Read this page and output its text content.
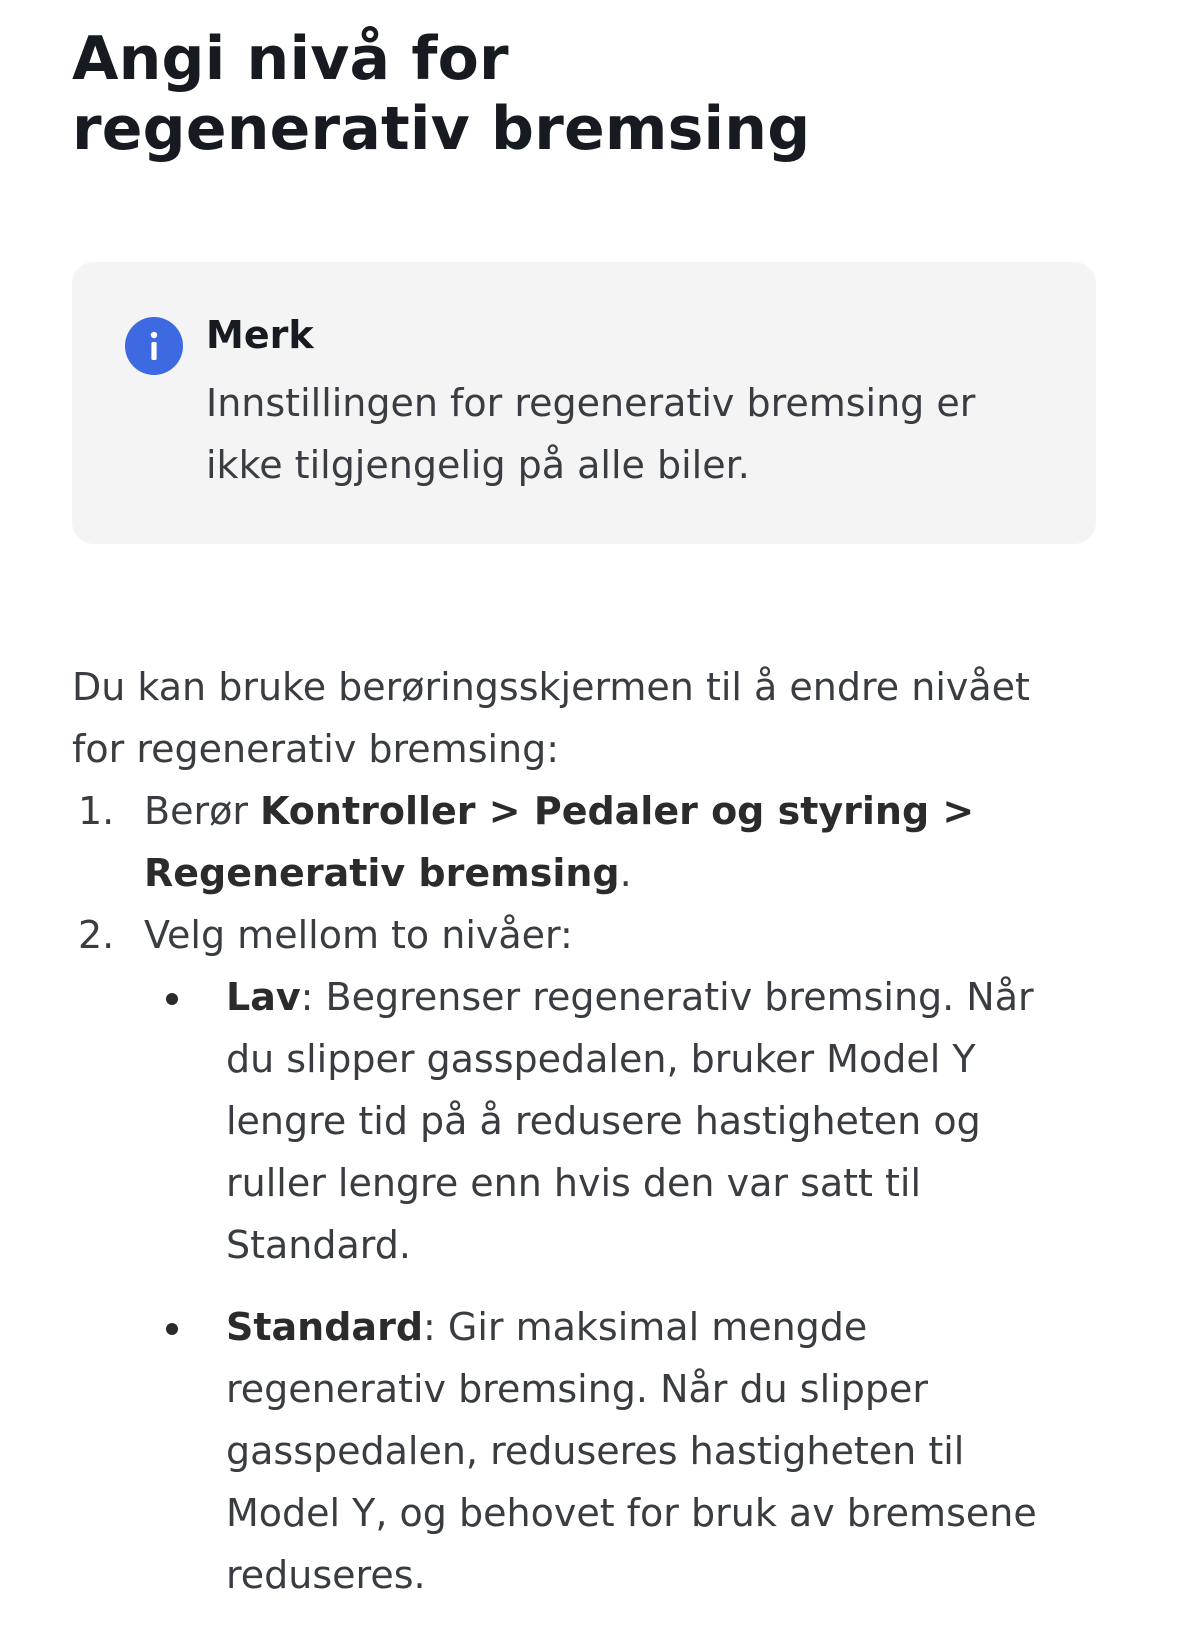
Angi nivå for regenerativ bremsing
Merk
Innstillingen for regenerativ bremsing er ikke tilgjengelig på alle biler.

Du kan bruke berøringsskjermen til å endre nivået for regenerativ bremsing:

1. Berør Kontroller > Pedaler og styring > Regenerativ bremsing.
2. Velg mellom to nivåer:
Lav: Begrenser regenerativ bremsing. Når du slipper gasspedalen, bruker Model Y lengre tid på å redusere hastigheten og ruller lengre enn hvis den var satt til Standard.
Standard: Gir maksimal mengde regenerativ bremsing. Når du slipper gasspedalen, reduseres hastigheten til Model Y, og behovet for bruk av bremsene reduseres.
